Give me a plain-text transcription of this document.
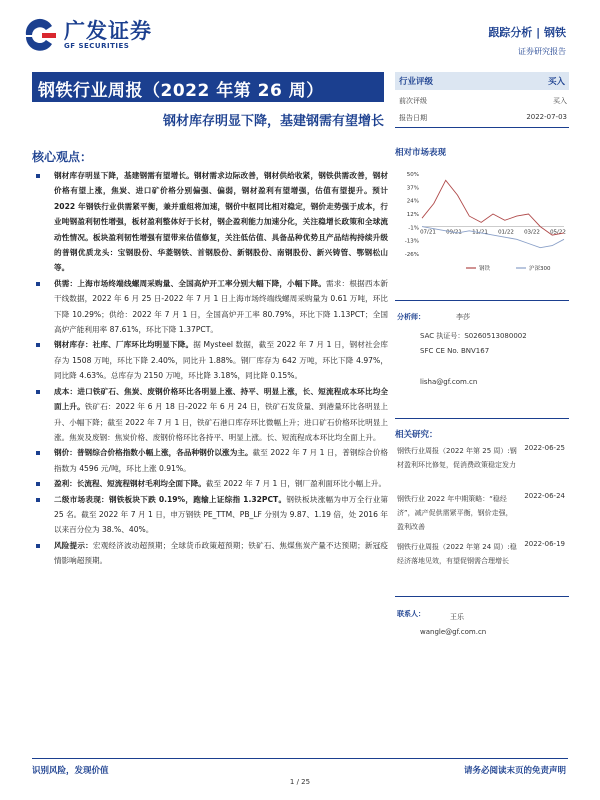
广发证券
GF SECURITIES
跟踪分析 | 钢铁
证券研究报告
钢铁行业周报（2022 年第 26 周）
钢材库存明显下降，基建钢需有望增长
核心观点：
钢材库存明显下降，基建钢需有望增长。钢材需求边际改善，钢材供给收紧，钢铁供需改善，钢材价格有望上涨，焦炭、进口矿价格分别偏强、偏弱，钢材盈利有望增强，估值有望提升。预计 2022 年钢铁行业供需紧平衡，兼并重组将加速，钢价中枢同比相对稳定，钢价走势强于成本，行业吨钢盈利韧性增强，板材盈利整体好于长材，钢企盈利能力加速分化，关注稳增长政策和全球流动性情况。板块盈利韧性增强有望带来估值修复，关注低估值、具备品种优势且产品结构持续升级的普钢优质龙头：宝钢股份、华菱钢铁、首钢股份、新钢股份、南钢股份、新兴铸管、鄂钢松山等。
供需：上海市场终端线螺周采购量、全国高炉开工率分别大幅下降，小幅下降。需求：根据西本新干线数据，2022 年 6 月 25 日-2022 年 7 月 1 日上海市场终端线螺周采购量为 0.61 万吨，环比下降 10.29%；供给：2022 年 7 月 1 日，全国高炉开工率 80.79%，环比下降 1.13PCT；全国高炉产能利用率 87.61%，环比下降 1.37PCT。
钢材库存：社库、厂库环比均明显下降。据 Mysteel 数据，截至 2022 年 7 月 1 日，钢材社会库存为 1508 万吨，环比下降 2.40%，同比升 1.88%。钢厂库存为 642 万吨，环比下降 4.97%，同比降 4.63%。总库存为 2150 万吨，环比降 3.18%，同比降 0.15%。
成本：进口铁矿石、焦炭、废钢价格环比各明显上涨、持平、明显上涨，长、短流程成本环比均全面上升。铁矿石：2022 年 6 月 18 日-2022 年 6 月 24 日，铁矿石发货量、到港量环比各明显上升、小幅下降；截至 2022 年 7 月 1 日，铁矿石港口库存环比微幅上升；进口矿石价格环比明显上涨。焦炭及废钢：焦炭价格、废钢价格环比各持平、明显上涨。长、短流程成本环比均全面上升。
钢价：普钢综合价格指数小幅上涨，各品种钢价以涨为主。截至 2022 年 7 月 1 日，普钢综合价格指数为 4596 元/吨，环比上涨 0.91%。
盈利：长流程、短流程钢材毛利均全面下降。截至 2022 年 7 月 1 日，钢厂盈利面环比小幅上升。
二级市场表现：钢铁板块下跌 0.19%，跑输上证综指 1.32PCT。钢铁板块涨幅为申万全行业第 25 名。截至 2022 年 7 月 1 日，申万钢铁 PE_TTM、PB_LF 分别为 9.87、1.19 倍，处 2016 年以来百分位为 38.%、40%。
风险提示：宏观经济波动超预期；全球货币政策超预期；铁矿石、焦煤焦炭产量不达预期；新冠疫情影响超预期。
行业评级	买入
前次评级	买入
报告日期	2022-07-03
相对市场表现
50%
37%
24%
12%
-1%
-13%
-26%
07/21 09/21 11/21 01/22 03/22 05/22
钢铁	沪深300
分析师：	李莎
SAC 执证号：S0260513080002
SFC CE No. BNV167
lisha@gf.com.cn
相关研究：
钢铁行业周报（2022 年第 25 周）:钢材盈利环比修复，促消费政策稳定发力
2022-06-25
钢铁行业 2022 年中期策略：“稳经济”，减产促供需紧平衡，钢价走强，盈利改善
2022-06-24
钢铁行业周报（2022 年第 24 周）:稳经济落地见效，有望促钢需合理增长
2022-06-19
联系人：	王乐
wangle@gf.com.cn
识别风险，发现价值	请务必阅读末页的免责声明
1 / 25
